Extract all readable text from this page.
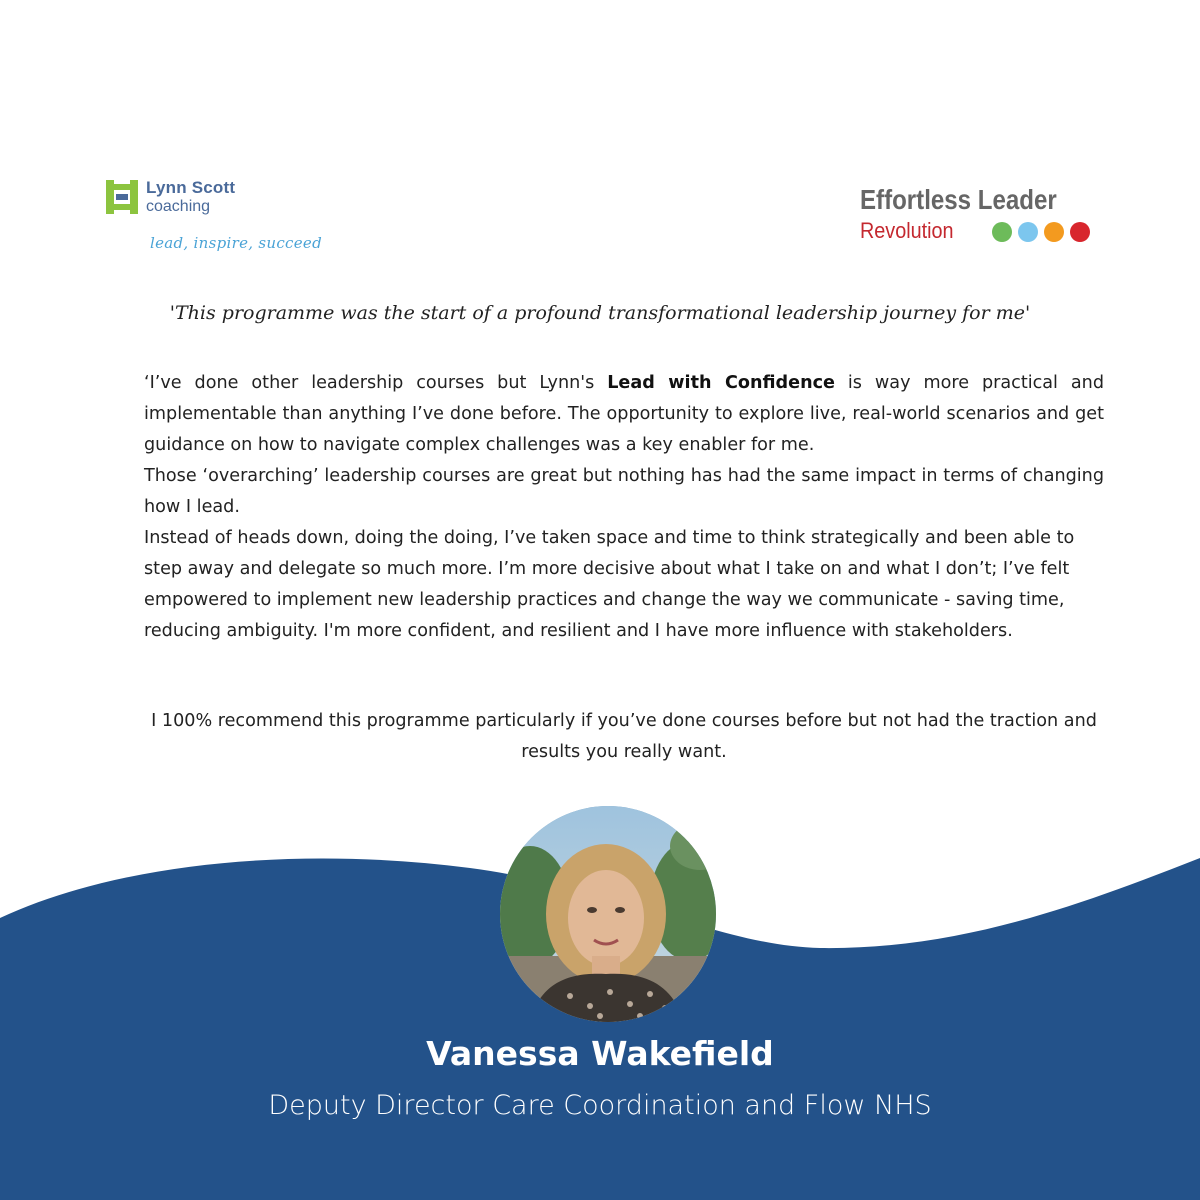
Lynn Scott
coaching
lead, inspire, succeed
Effortless Leader
Revolution
'This programme was the start of a profound transformational leadership journey for me'

‘I’ve done other leadership courses but Lynn's Lead with Confidence is way more practical and implementable than anything I’ve done before. The opportunity to explore live, real-world scenarios and get guidance on how to navigate complex challenges was a key enabler for me.

Those ‘overarching’ leadership courses are great but nothing has had the same impact in terms of changing how I lead.

Instead of heads down, doing the doing, I’ve taken space and time to think strategically and been able to step away and delegate so much more. I’m more decisive about what I take on and what I don’t; I’ve felt empowered to implement new leadership practices and change the way we communicate - saving time, reducing ambiguity. I'm more confident, and resilient and I have more influence with stakeholders.

I 100% recommend this programme particularly if you’ve done courses before but not had the traction and results you really want.
Vanessa Wakefield
Deputy Director Care Coordination and Flow NHS
